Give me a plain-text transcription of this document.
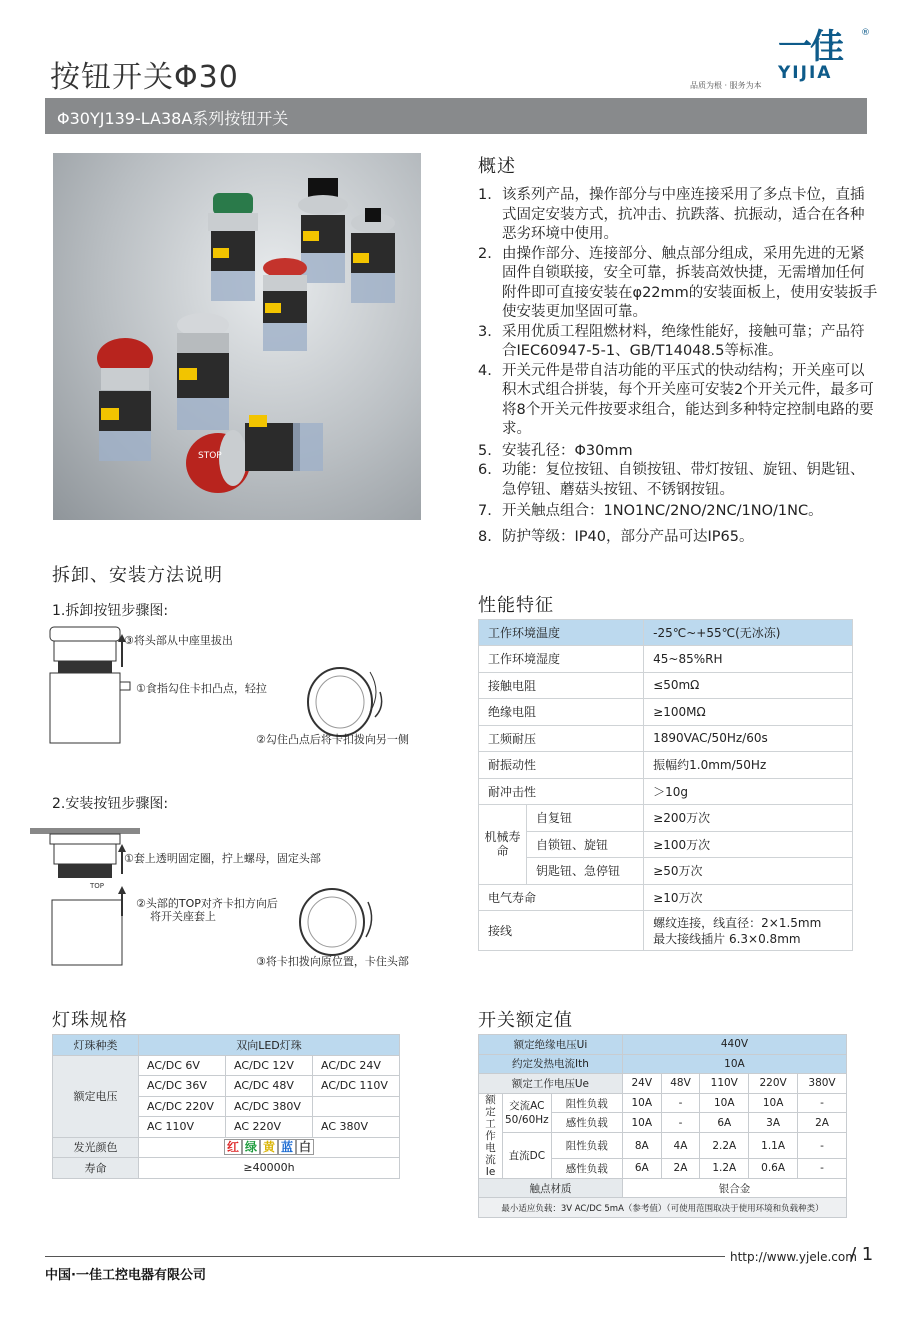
按钮开关Φ30
®
一佳
YIJIA
品质为根 · 服务为本
Φ30YJ139-LA38A系列按钮开关
STOP
概述
1. 该系列产品，操作部分与中座连接采用了多点卡位，直插式固定安装方式，抗冲击、抗跌落、抗振动，适合在各种恶劣环境中使用。
2. 由操作部分、连接部分、触点部分组成，采用先进的无紧固件自锁联接，安全可靠，拆装高效快捷，无需增加任何附件即可直接安装在φ22mm的安装面板上，使用安装扳手使安装更加坚固可靠。
3. 采用优质工程阻燃材料，绝缘性能好，接触可靠；产品符合IEC60947-5-1、GB/T14048.5等标准。
4. 开关元件是带自洁功能的平压式的快动结构；开关座可以积木式组合拼装，每个开关座可安装2个开关元件，最多可将8个开关元件按要求组合，能达到多种特定控制电路的要求。
5. 安装孔径：Φ30mm
6. 功能：复位按钮、自锁按钮、带灯按钮、旋钮、钥匙钮、急停钮、蘑菇头按钮、不锈钢按钮。
7. 开关触点组合：1NO1NC/2NO/2NC/1NO/1NC。
8. 防护等级：IP40，部分产品可达IP65。
拆卸、安装方法说明
1.拆卸按钮步骤图:
③将头部从中座里拔出
①食指勾住卡扣凸点，轻拉
②勾住凸点后将卡扣拨向另一侧
2.安装按钮步骤图:
TOP
①套上透明固定圈，拧上螺母，固定头部
②头部的TOP对齐卡扣方向后
将开关座套上
③将卡扣拨向原位置，卡住头部
性能特征
工作环境温度		-25℃~+55℃(无冰冻)
工作环境湿度		45~85%RH
接触电阻		≤50mΩ
绝缘电阻		≥100MΩ
工频耐压		1890VAC/50Hz/60s
耐振动性		振幅约1.0mm/50Hz
耐冲击性		＞10g
机械寿命	自复钮	≥200万次
	自锁钮、旋钮	≥100万次
	钥匙钮、急停钮	≥50万次
电气寿命		≥10万次
接线		螺纹连接，线直径：2×1.5mm
最大接线插片 6.3×0.8mm
灯珠规格
灯珠种类	双向LED灯珠		
额定电压	AC/DC 6V	AC/DC 12V	AC/DC 24V
	AC/DC 36V	AC/DC 48V	AC/DC 110V
	AC/DC 220V	AC/DC 380V	
	AC 110V	AC 220V	AC 380V
发光颜色	红 绿 黄 蓝 白		
寿命	≥40000h		
开关额定值
额定绝缘电压Ui			440V				
约定发热电流Ith			10A				
额定工作电压Ue			24V	48V	110V	220V	380V
额定工作电流Ie	交流AC 50/60Hz	阻性负载	10A	-	10A	10A	-
		感性负载	10A	-	6A	3A	2A
	直流DC	阻性负载	8A	4A	2.2A	1.1A	-
		感性负载	6A	2A	1.2A	0.6A	-
触点材质			银合金				
最小适应负载：3V AC/DC 5mA（参考值）（可使用范围取决于使用环境和负载种类）							
中国·一佳工控电器有限公司
http://www.yjele.com
/ 1
